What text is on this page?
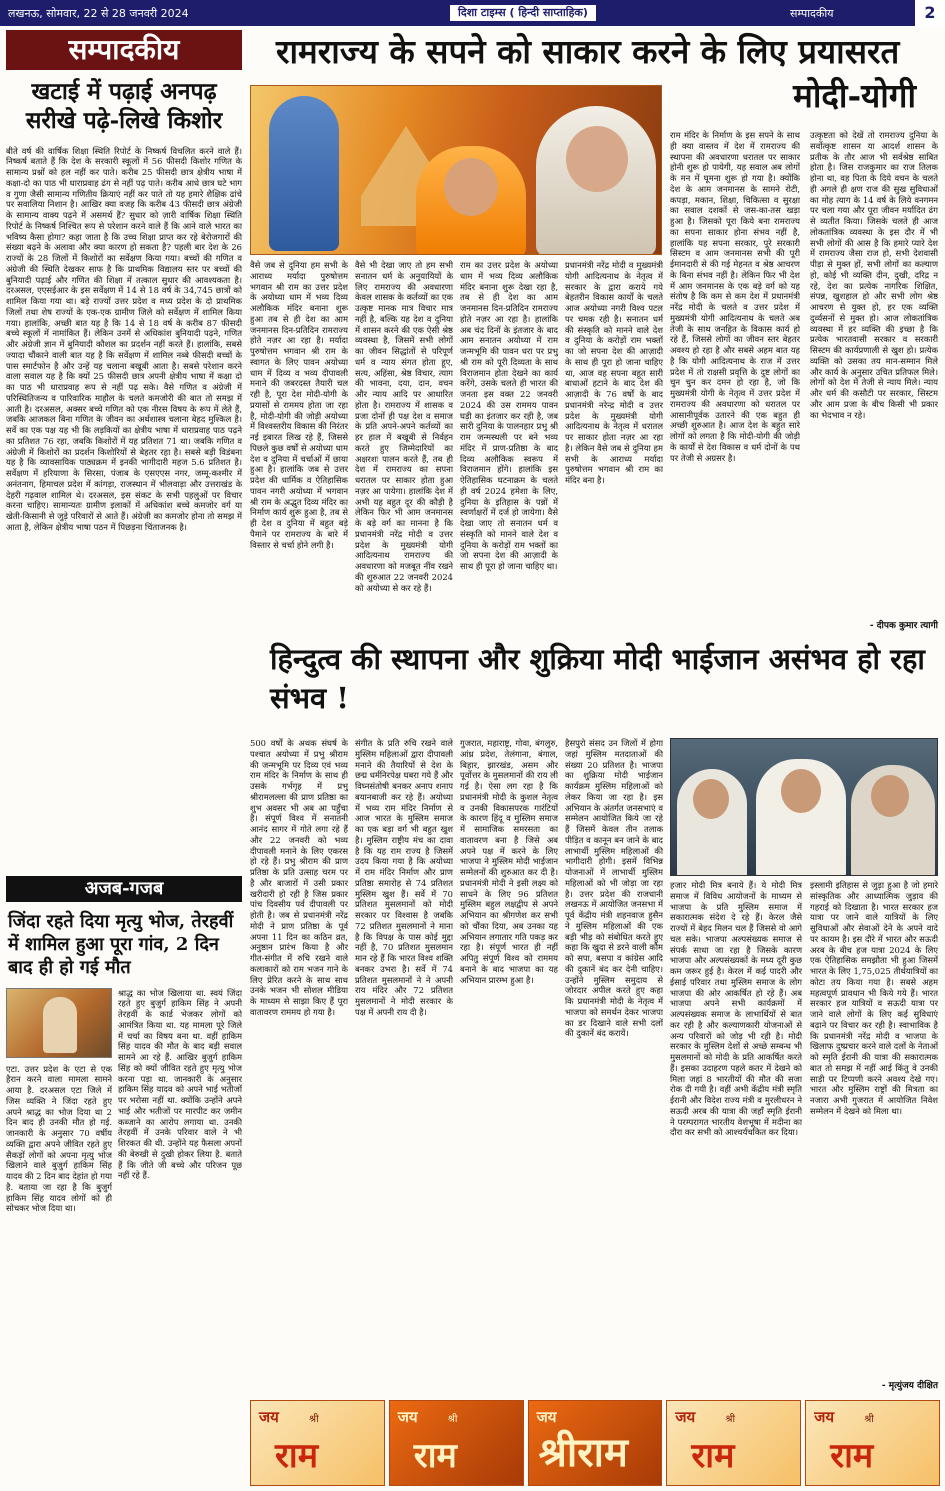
लखनऊ, सोमवार, 22 से 28 जनवरी 2024	दिशा टाइम्स ( हिन्दी साप्ताहिक)	सम्पादकीय	2
सम्पादकीय
खटाई में पढ़ाई अनपढ़ सरीखे पढ़े-लिखे किशोर
बीते वर्ष की वार्षिक शिक्षा स्थिति रिपोर्ट के निष्कर्ष विचलित करने वाले हैं। निष्कर्ष बताते हैं कि देश के सरकारी स्कूलों में 56 फीसदी किशोर गणित के सामान्य प्रश्नों को हल नहीं कर पाते। करीब 25 फीसदी छात्र क्षेत्रीय भाषा में कक्षा-दो का पाठ भी धाराप्रवाह ढंग से नहीं पढ़ पाते। करीब आधे छात्र घटे भाग व गुणा जैसी सामान्य गणितीय क्रियाएं नहीं कर पाते तो यह हमारे शैक्षिक ढांचे पर सवालिया निशान है। आखिर क्या वजह कि करीब 43 फीसदी छात्र अंग्रेजी के सामान्य वाक्य पढ़ने में असमर्थ हैं? सुधार को ज़ारी वार्षिक शिक्षा स्थिति रिपोर्ट के निष्कर्ष निश्चित रूप से परेशान करने वाले हैं कि आने वाले भारत का भविष्य कैसा होगा? कहा जाता है कि उच्च शिक्षा प्राप्त कर रहे बेरोजगारों की संख्या बढ़ने के अलावा और क्या कारण हो सकता है? पहली बार देश के 26 राज्यों के 28 जिलों में किशोरों का सर्वेक्षण किया गया। बच्चों की गणित व अंग्रेजी की स्थिति देखकर साफ है कि प्राथमिक विद्यालय स्तर पर बच्चों की बुनियादी पढ़ाई और गणित की शिक्षा में तत्काल सुधार की आवश्यकता है। दरअसल, एएसईआर के इस सर्वेक्षण में 14 से 18 वर्ष के 34,745 छात्रों को शामिल किया गया था। बड़े राज्यों उत्तर प्रदेश व मध्य प्रदेश के दो प्राथमिक जिलों तथा शेष राज्यों के एक-एक ग्रामीण जिले को सर्वेक्षण में शामिल किया गया। हालांकि, अच्छी बात यह है कि 14 से 18 वर्ष के करीब 87 फीसदी बच्चे स्कूलों में नामांकित हैं। लेकिन उनमें से अधिकांश बुनियादी पढ़ने, गणित और अंग्रेजी ज्ञान में बुनियादी कौशल का प्रदर्शन नहीं करते हैं। हालांकि, सबसे ज्यादा चौंकाने वाली बात यह है कि सर्वेक्षण में शामिल नब्बे फीसदी बच्चों के पास स्मार्टफोन है और उन्हें यह चलाना बखूबी आता है। सबसे परेशान करने वाला सवाल यह है कि क्यों 25 फीसदी छात्र अपनी क्षेत्रीय भाषा में कक्षा दो का पाठ भी धाराप्रवाह रूप से नहीं पढ़ सके। वैसे गणित व अंग्रेजी में परिस्थितिजन्य व पारिवारिक माहौल के चलते कमजोरी की बात तो समझ में आती है। दरअसल, अक्सर बच्चे गणित को एक नीरस विषय के रूप में लेते हैं, जबकि आजकल बिना गणित के जीवन का अर्थशास्त्र चलाना बेहद मुश्किल है। सर्वे का एक पक्ष यह भी कि लड़कियों का क्षेत्रीय भाषा में धाराप्रवाह पाठ पढ़ने का प्रतिशत 76 रहा, जबकि किशोरों में यह प्रतिशत 71 था। जबकि गणित व अंग्रेजी में किशोरों का प्रदर्शन किशोरियों से बेहतर रहा है। सबसे बड़ी विडंबना यह है कि व्यावसायिक पाठ्यक्रम में इनकी भागीदारी महज 5.6 प्रतिशत है। सर्वेक्षण में हरियाणा के सिरसा, पंजाब के एसएएस नगर, जम्मू-कश्मीर में अनंतनाग, हिमाचल प्रदेश में कांगड़ा, राजस्थान में भीलवाड़ा और उत्तराखंड के देहरी गढ़वाल शामिल थे। दरअसल, इस संकट के सभी पहलुओं पर विचार करना चाहिए। सामान्यतः ग्रामीण इलाकों में अधिकांश बच्चे कमजोर वर्ग या खेती-किसानी से जुड़े परिवारों से आते हैं। अंग्रेजी का कमजोर होना तो समझ में आता है, लेकिन क्षेत्रीय भाषा पठन में पिछड़ना चिंताजनक है।
अजब-गजब
जिंदा रहते दिया मृत्यु भोज, तेरहवीं में शामिल हुआ पूरा गांव, 2 दिन बाद ही हो गई मौत
एटा. उत्तर प्रदेश के एटा से एक हैरान करने वाला मामला सामने आया है. दरअसल एटा जिले में जिस व्यक्ति ने जिंदा रहते हुए अपने श्राद्ध का भोज दिया था 2 दिन बाद ही उनकी मौत हो गई. जानकारी के अनुसार 70 वर्षीय व्यक्ति द्वारा अपने जीवित रहते हुए सैकड़ों लोगों को अपना मृत्यु भोज खिलाने वाले बुजुर्ग हाकिम सिंह यादव की 2 दिन बाद देहांत हो गया है. बताया जा रहा है कि बुजुर्ग हाकिम सिंह यादव लोगों को ही सोचकर भोज दिया था।
श्राद्ध का भोज खिलाया था. स्वयं जिंदा रहते हुए बुजुर्ग हाकिम सिंह ने अपनी तेरहवीं के कार्ड भेजकर लोगों को आमंत्रित किया था. यह मामला पूरे जिले में चर्चा का विषय बना था. वहीं हाकिम सिंह यादव की मौत के बाद बड़ी सवाल सामने आ रहे हैं. आखिर बुजुर्ग हाकिम सिंह को क्यों जीवित रहते हुए मृत्यु भोज करना पड़ा था. जानकारी के अनुसार हाकिम सिंह यादव को अपने भाई भतीजों पर भरोसा नहीं था. क्योंकि उन्होंने अपने भाई और भतीजों पर मारपीट कर जमीन कब्जाने का आरोप लगाया था. उनकी तेरहवीं में उनके परिवार वाले ने भी शिरकत की थी. उन्होंने यह फैसला अपनों की बेरुखी से दुखी होकर लिया है. बताते हैं कि जीते जी बच्चे और परिजन पूछ नहीं रहे हैं.
रामराज्य के सपने को साकार करने के लिए प्रयासरत
मोदी-योगी
वैसे जब से दुनिया हम सभी के आराध्य मर्यादा पुरुषोत्तम भगवान श्री राम का उत्तर प्रदेश के अयोध्या धाम में भव्य दिव्य अलौकिक मंदिर बनाना शुरू हुआ तब से ही देश का आम जनमानस दिन-प्रतिदिन रामराज्य होते नज़र आ रहा है। मर्यादा पुरुषोत्तम भगवान श्री राम के स्वागत के लिए पावन अयोध्या धाम में दिव्य व भव्य दीपावली मनाने की जबरदस्त तैयारी चल रही है, पूरा देश मोदी-योगी के प्रयासों से राममय होता जा रहा है, मोदी-योगी की जोड़ी अयोध्या में विश्वस्तरीय विकास की निरंतर नई इबारत लिख रहे हैं, जिससे पिछले कुछ वर्षों से अयोध्या धाम देश व दुनिया में चर्चाओं में छाया हुआ है। हालांकि जब से उत्तर प्रदेश की धार्मिक व ऐतिहासिक पावन नगरी अयोध्या में भगवान श्री राम के अद्भुत दिव्य मंदिर का निर्माण कार्य शुरू हुआ है, तब से ही देश व दुनिया में बहुत बड़े पैमाने पर रामराज्य के बारे में विस्तार से चर्चा होने लगी है।
वैसे भी देखा जाए तो हम सभी सनातन धर्म के अनुयायियों के लिए रामराज्य की अवधारणा केवल शासक के कर्तव्यों का एक उत्कृष्ट मानक मात्र विचार मात्र नहीं है, बल्कि यह देश व दुनिया में शासन करने की एक ऐसी श्रेष्ठ व्यवस्था है, जिसमें सभी लोगों का जीवन सिद्धांतों से परिपूर्ण धर्म व न्याय संगत होता हूए, सत्य, अहिंसा, श्रेष्ठ विचार, त्याग की भावना, दया, दान, वचन और न्याय आदि पर आधारित होता है। रामराज्य में शासक व प्रजा दोनों ही पक्ष देश व समाज के प्रति अपने-अपने कर्तव्यों का हर हाल में बखूबी से निर्वहन करते हुए जिम्मेदारियों का अक्षरशः पालन करते हैं, तब ही देश में रामराज्य का सपना धरातल पर साकार होता हुआ नज़र आ पायेगा। हालांकि देश में अभी यह बहुत दूर की कौड़ी है लेकिन फिर भी आम जनमानस के बड़े वर्ग का मानना है कि प्रधानमंत्री नरेंद्र मोदी व उत्तर प्रदेश के मुख्यमंत्री योगी आदित्यनाथ रामराज्य की अवधारणा को मजबूत नींव रखने की शुरुआत 22 जनवरी 2024 को अयोध्या से कर रहे हैं।
राम का उत्तर प्रदेश के अयोध्या धाम में भव्य दिव्य अलौकिक मंदिर बनाना शुरू देखा रहा है, तब से ही देश का आम जनमानस दिन-प्रतिदिन रामराज्य होते नज़र आ रहा है। हालांकि अब चंद दिनों के इंतजार के बाद आम सनातन अयोध्या में राम जन्मभूमि की पावन धरा पर प्रभु श्री राम को पूरी दिव्यता के साथ विराजमान होता देखने का कार्य करेंगे, उसके चलते ही भारत की जनता इस वक्त 22 जनवरी 2024 की उस राममय पावन घड़ी का इंतजार कर रही है, जब सारी दुनिया के पालनहार प्रभु श्री राम जन्मस्थली पर बने भव्य मंदिर में प्राण-प्रतिष्ठा के बाद दिव्य अलौकिक स्वरूप में विराजमान होंगे। हालांकि इस ऐतिहासिक घटनाक्रम के चलते ही वर्ष 2024 हमेशा के लिए, दुनिया के इतिहास के पन्नों में स्वर्णाक्षरों में दर्ज हो जायेगा। वैसे देखा जाए तो सनातन धर्म व संस्कृति को मानने वाले देश व दुनिया के करोड़ों राम भक्तों का जो सपना देश की आज़ादी के साथ ही पूरा हो जाना चाहिए था।
प्रधानमंत्री नरेंद्र मोदी व मुख्यमंत्री योगी आदित्यनाथ के नेतृत्व में सरकार के द्वारा कराये गये बेहतरीन विकास कार्यों के चलते आज अयोध्या नगरी विश्व पटल पर चमक रही है। सनातन धर्म की संस्कृति को मानने वाले देश व दुनिया के करोड़ों राम भक्तों का जो सपना देश की आज़ादी के साथ ही पूरा हो जाना चाहिए था, आज वह सपना बहुत सारी बाधाओं हटाने के बाद देश की आज़ादी के 76 वर्षों के बाद प्रधानमंत्री नरेन्द्र मोदी व उत्तर प्रदेश के मुख्यमंत्री योगी आदित्यनाथ के नेतृत्व में धरातल पर साकार होता नज़र आ रहा है। लेकिन वैसे जब से दुनिया हम सभी के आराध्य मर्यादा पुरुषोत्तम भगवान श्री राम का मंदिर बना है।
राम मंदिर के निर्माण के इस सपने के साथ ही क्या वास्तव में देश में रामराज्य की स्थापना की अवधारणा धरातल पर साकार होनी शुरू हो पायेगी, यह सवाल अब लोगों के मन में घूमना शुरू हो गया है। क्योंकि देश के आम जनमानस के सामने रोटी, कपड़ा, मकान, शिक्षा, चिकित्सा व सुरक्षा का सवाल दशकों से जस-का-तस खड़ा हुआ है। जिसको पूरा किये बना रामराज्य का सपना साकार होना संभव नहीं है, हालांकि यह सपना सरकार, पूरे सरकारी सिस्टम व आम जनमानस सभी की पूरी ईमानदारी से की गई मेहनत व श्रेष्ठ आचरण के बिना संभव नहीं है। लेकिन फिर भी देश में आम जनमानस के एक बड़े वर्ग को यह संतोष है कि कम से कम देश में प्रधानमंत्री नरेंद्र मोदी के चलते व उत्तर प्रदेश में मुख्यमंत्री योगी आदित्यनाथ के चलते अब तेजी के साथ जनहित के विकास कार्य हो रहे हैं, जिससे लोगों का जीवन स्तर बेहतर अवश्य हो रहा है और सबसे अहम बात यह है कि योगी आदित्यनाथ के राज में उत्तर प्रदेश में तो राक्षसी प्रवृत्ति के दुष्ट लोगों का चुन चुन कर दमन हो रहा है, जो कि मुख्यमंत्री योगी के नेतृत्व में उत्तर प्रदेश में रामराज्य की अवधारणा को धरातल पर आसानीपूर्वक उतारने की एक बहुत ही अच्छी शुरुआत है। आज देश के बहुत सारे लोगों को लगता है कि मोदी-योगी की जोड़ी के कार्यों से देश विकास व धर्म दोनों के पथ पर तेजी से अग्रसर है।
उत्कृष्टता को देखें तो रामराज्य दुनिया के सर्वोत्कृष्ट शासन या आदर्श शासन के प्रतीक के तौर आज भी सर्वश्रेष्ठ साबित होता है। जिस राजकुमार का राज तिलक होना था, वह पिता के दिये वचन के चलते ही अगले ही क्षण राज की सुख सुविधाओं का मोह त्याग के 14 वर्ष के लिये वनगमन पर चला गया और पूरा जीवन मर्यादित ढंग से व्यतीत किया। जिसके चलते ही आज लोकतांत्रिक व्यवस्था के इस दौर में भी सभी लोगों की आस है कि हमारे प्यारे देश में रामराज्य जैसा राज हो, सभी देशवासी पीड़ा से मुक्त हों, सभी लोगों का कल्याण हो, कोई भी व्यक्ति दीन, दुखी, दरिद्र न रहे, देश का प्रत्येक नागरिक शिक्षित, संपन्न, खुशहाल हो और सभी लोग श्रेष्ठ आचरण से युक्त हो, हर एक व्यक्ति दुर्व्यसनों से मुक्त हो। आज लोकतांत्रिक व्यवस्था में हर व्यक्ति की इच्छा है कि प्रत्येक भारतवासी सरकार व सरकारी सिस्टम की कार्यप्रणाली से खुश हो। प्रत्येक व्यक्ति को उसका तय मान-सम्मान मिले और कार्य के अनुसार उचित प्रतिफल मिले। लोगों को देश में तेजी से न्याय मिले। न्याय और धर्म की कसौटी पर सरकार, सिस्टम और आम प्रजा के बीच किसी भी प्रकार का भेदभाव न रहे।
- दीपक कुमार त्यागी
हिन्दुत्व की स्थापना और शुक्रिया मोदी भाईजान असंभव हो रहा संभव !
500 वर्षों के अथक संघर्ष के पश्चात अयोध्या में प्रभु श्रीराम की जन्मभूमि पर दिव्य एवं भव्य राम मंदिर के निर्माण के साथ ही उसके गर्भगृह में प्रभु श्रीरामलल्ला की प्राण प्रतिष्ठा का शुभ अवसर भी अब आ पहुँचा है। संपूर्ण विश्व में सनातनी आनंद सागर में गोते लगा रहे हैं और 22 जनवरी को भव्य दीपावली मनाने के लिए एकरस हो रहे हैं। प्रभु श्रीराम की प्राण प्रतिष्ठा के प्रति उत्साह चरम पर है और बाजारों में उसी प्रकार खरीदारी हो रही है जिस प्रकार पांच दिवसीय पर्व दीपावली पर होती है। जब से प्रधानमंत्री नरेंद्र मोदी ने प्राण प्रतिष्ठा के पूर्व अपना 11 दिन का कठिन व्रत, अनुष्ठान प्रारंभ किया है और गीत-संगीत में रुचि रखने वाले कलाकारों को राम भजन गाने के लिए प्रेरित करने के साथ साथ उनके भजन भी सोशल मीडिया के माध्यम से साझा किए हैं पूरा वातावरण राममय हो गया है।
संगीत के प्रति रुचि रखने वाले मुस्लिम महिलाओं द्वारा दीपावली मनाने की तैयारियों से देश के छद्म धर्मनिरपेक्ष घबरा गये हैं और विघ्नसंतोषी बनकर अनाप शनाप बयानबाजी कर रहे हैं। अयोध्या में भव्य राम मंदिर निर्माण से आज भारत के मुस्लिम समाज का एक बड़ा वर्ग भी बहुत खुश है। मुस्लिम राष्ट्रीय मंच का दावा है कि यह राम राज्य है जिसमें उदय किया गया है कि अयोध्या में राम मंदिर निर्माण और प्राण प्रतिष्ठा समारोह से 74 प्रतिशत मुस्लिम खुश हैं। सर्वे में 70 प्रतिशत मुसलमानों को मोदी सरकार पर विश्वास है जबकि 72 प्रतिशत मुसलमानों ने माना है कि विपक्ष के पास कोई मुद्दा नहीं है, 70 प्रतिशत मुसलमान मान रहे हैं कि भारत विश्व शक्ति बनकर उभरा है। सर्वे में 74 प्रतिशत मुसलमानों ने ने अपनी राय मंदिर और 72 प्रतिशत मुसलमानों ने मोदी सरकार के पक्ष में अपनी राय दी है।
गुजरात, महाराष्ट्र, गोवा, बंगलुरु, आंध्र प्रदेश, तेलंगाना, बंगाल, बिहार, झारखंड, असम और पूर्वोत्तर के मुसलमानों की राय ली गई है। ऐसा लग रहा है कि प्रधानमंत्री मोदी के कुशल नेतृत्व व उनकी विकासपरक गारंटियों के कारण हिंदू व मुस्लिम समाज में सामाजिक समरसता का वातावरण बना है जिसे अब अपने पक्ष में करने के लिए भाजपा ने मुस्लिम मोदी भाईजान सम्मेलनों की शुरुआत कर दी है। प्रधानमंत्री मोदी ने इसी लक्ष्य को साधने के लिए 96 प्रतिशत मुस्लिम बहुल लक्षद्वीप से अपने अभियान का श्रीगणेश कर सभी को चौंका दिया, अब उनका यह अभियान लगातार गति पकड़ कर रहा है। संपूर्ण भारत ही नहीं अपितु संपूर्ण विश्व को राममय बनाने के बाद भाजपा का यह अभियान प्रारम्भ हुआ है।
हैसपुरो संसद उन जिलों में होगा जहां मुस्लिम मतदाताओं की संख्या 20 प्रतिशत है। भाजपा का शुक्रिया मोदी भाईजान कार्यक्रम मुस्लिम महिलाओं को लेकर किया जा रहा है। इस अभियान के अंतर्गत जनसभाएं व सम्मेलन आयोजित किये जा रहे हैं जिसमें केवल तीन तलाक पीड़ित व कानून बन जाने के बाद लाभार्थी मुस्लिम महिलाओं की भागीदारी होगी। इसमें विभिन्न योजनाओं में लाभार्थी मुस्लिम महिलाओं को भी जोड़ा जा रहा है। उत्तर प्रदेश की राजधानी लखनऊ में आयोजित जनसभा में पूर्व केंद्रीय मंत्री शहनवाज हुसैन ने मुस्लिम महिलाओं की एक बड़ी भीड़ को संबोधित करते हुए कहा कि खुदा से डरने वाली कौम को सपा, बसपा व कांग्रेस आदि की दुकानें बंद कर देनी चाहिए। उन्होंने मुस्लिम समुदाय से जोरदार अपील करते हुए कहा कि प्रधानमंत्री मोदी के नेतृत्व में भाजपा को समर्थन देकर भाजपा का डर दिखाने वाले सभी दलों की दुकानें बंद करायें।
हजार मोदी मित्र बनाये हैं। ये मोदी मित्र समाज में विविध आयोजनों के माध्यम से भाजपा के प्रति मुस्लिम समाज में सकारात्मक संदेश दे रहे हैं। केरल जैसे राज्यों में बेहद मिलन चल हैं जिससे वो आगे चल सके। भाजपा अल्पसंख्यक समाज से संपर्क साधा जा रहा है जिसके कारण भाजपा और अल्पसंख्यकों के मध्य दूरी कुछ कम जरूर हुई है। केरल में कई पादरी और ईसाई परिवार तथा मुस्लिम समाज के लोग भाजपा की ओर आकर्षित हो रहे हैं। अब भाजपा अपने सभी कार्यक्रमों में अल्पसंख्यक समाज के लाभार्थियों से बात कर रही है और कल्याणकारी योजनाओं से अन्य परिवारों को जोड़ भी रही है। मोदी सरकार के मुस्लिम देशों से अच्छे सम्बन्ध भी मुसलमानों को मोदी के प्रति आकर्षित करते हैं। इसका उदाहरण पहले कतर में देखने को मिला जहां 8 भारतीयों की मौत की सजा रोक दी गयी है। वहीं अभी केंद्रीय मंत्री स्मृति ईरानी और विदेश राज्य मंत्री व मुरलीधरन ने सऊदी अरब की यात्रा की जहाँ स्मृति ईरानी ने परम्परागत भारतीय वेशभूषा में मदीना का दौरा कर सभी को आश्चर्यचकित कर दिया।
इस्लामी इतिहास से जुड़ा हुआ है जो हमारे सांस्कृतिक और आध्यात्मिक जुड़ाव की गहराई को दिखाता है। भारत सरकार हज यात्रा पर जाने वाले यात्रियों के लिए सुविधाओं और सेवाओं देने के अपने वादे पर कायम है। इस दौरे में भारत और सऊदी अरब के बीच हज यात्रा 2024 के लिए एक ऐतिहासिक समझौता भी हुआ जिसमें भारत के लिए 1,75,025 तीर्थयात्रियों का कोटा तय किया गया है। सबसे अहम महत्वपूर्ण प्रावधान भी किये गये हैं। भारत सरकार हज यात्रियों व सऊदी यात्रा पर जाने वाले लोगों के लिए कई सुविधाएं बढ़ाने पर विचार कर रही है। स्वाभाविक है कि प्रधानमंत्री नरेंद्र मोदी व भाजपा के खिलाफ दुष्प्रचार करने वाले दलों के नेताओं को स्मृति ईरानी की यात्रा की सकारात्मक बात तो समझ में नहीं आई किंतु वे उनकी साड़ी पर टिप्पणी करने अवश्य देखे गए। भारत और मुस्लिम राष्ट्रों की मित्रता का नजारा अभी गुजरात में आयोजित निवेश सम्मेलन में देखने को मिला था।
- मृत्युंजय दीक्षित
जय	श्री
राम
जय	श्री
राम
जय
श्रीराम
जय	श्री
राम
जय	श्री
राम
